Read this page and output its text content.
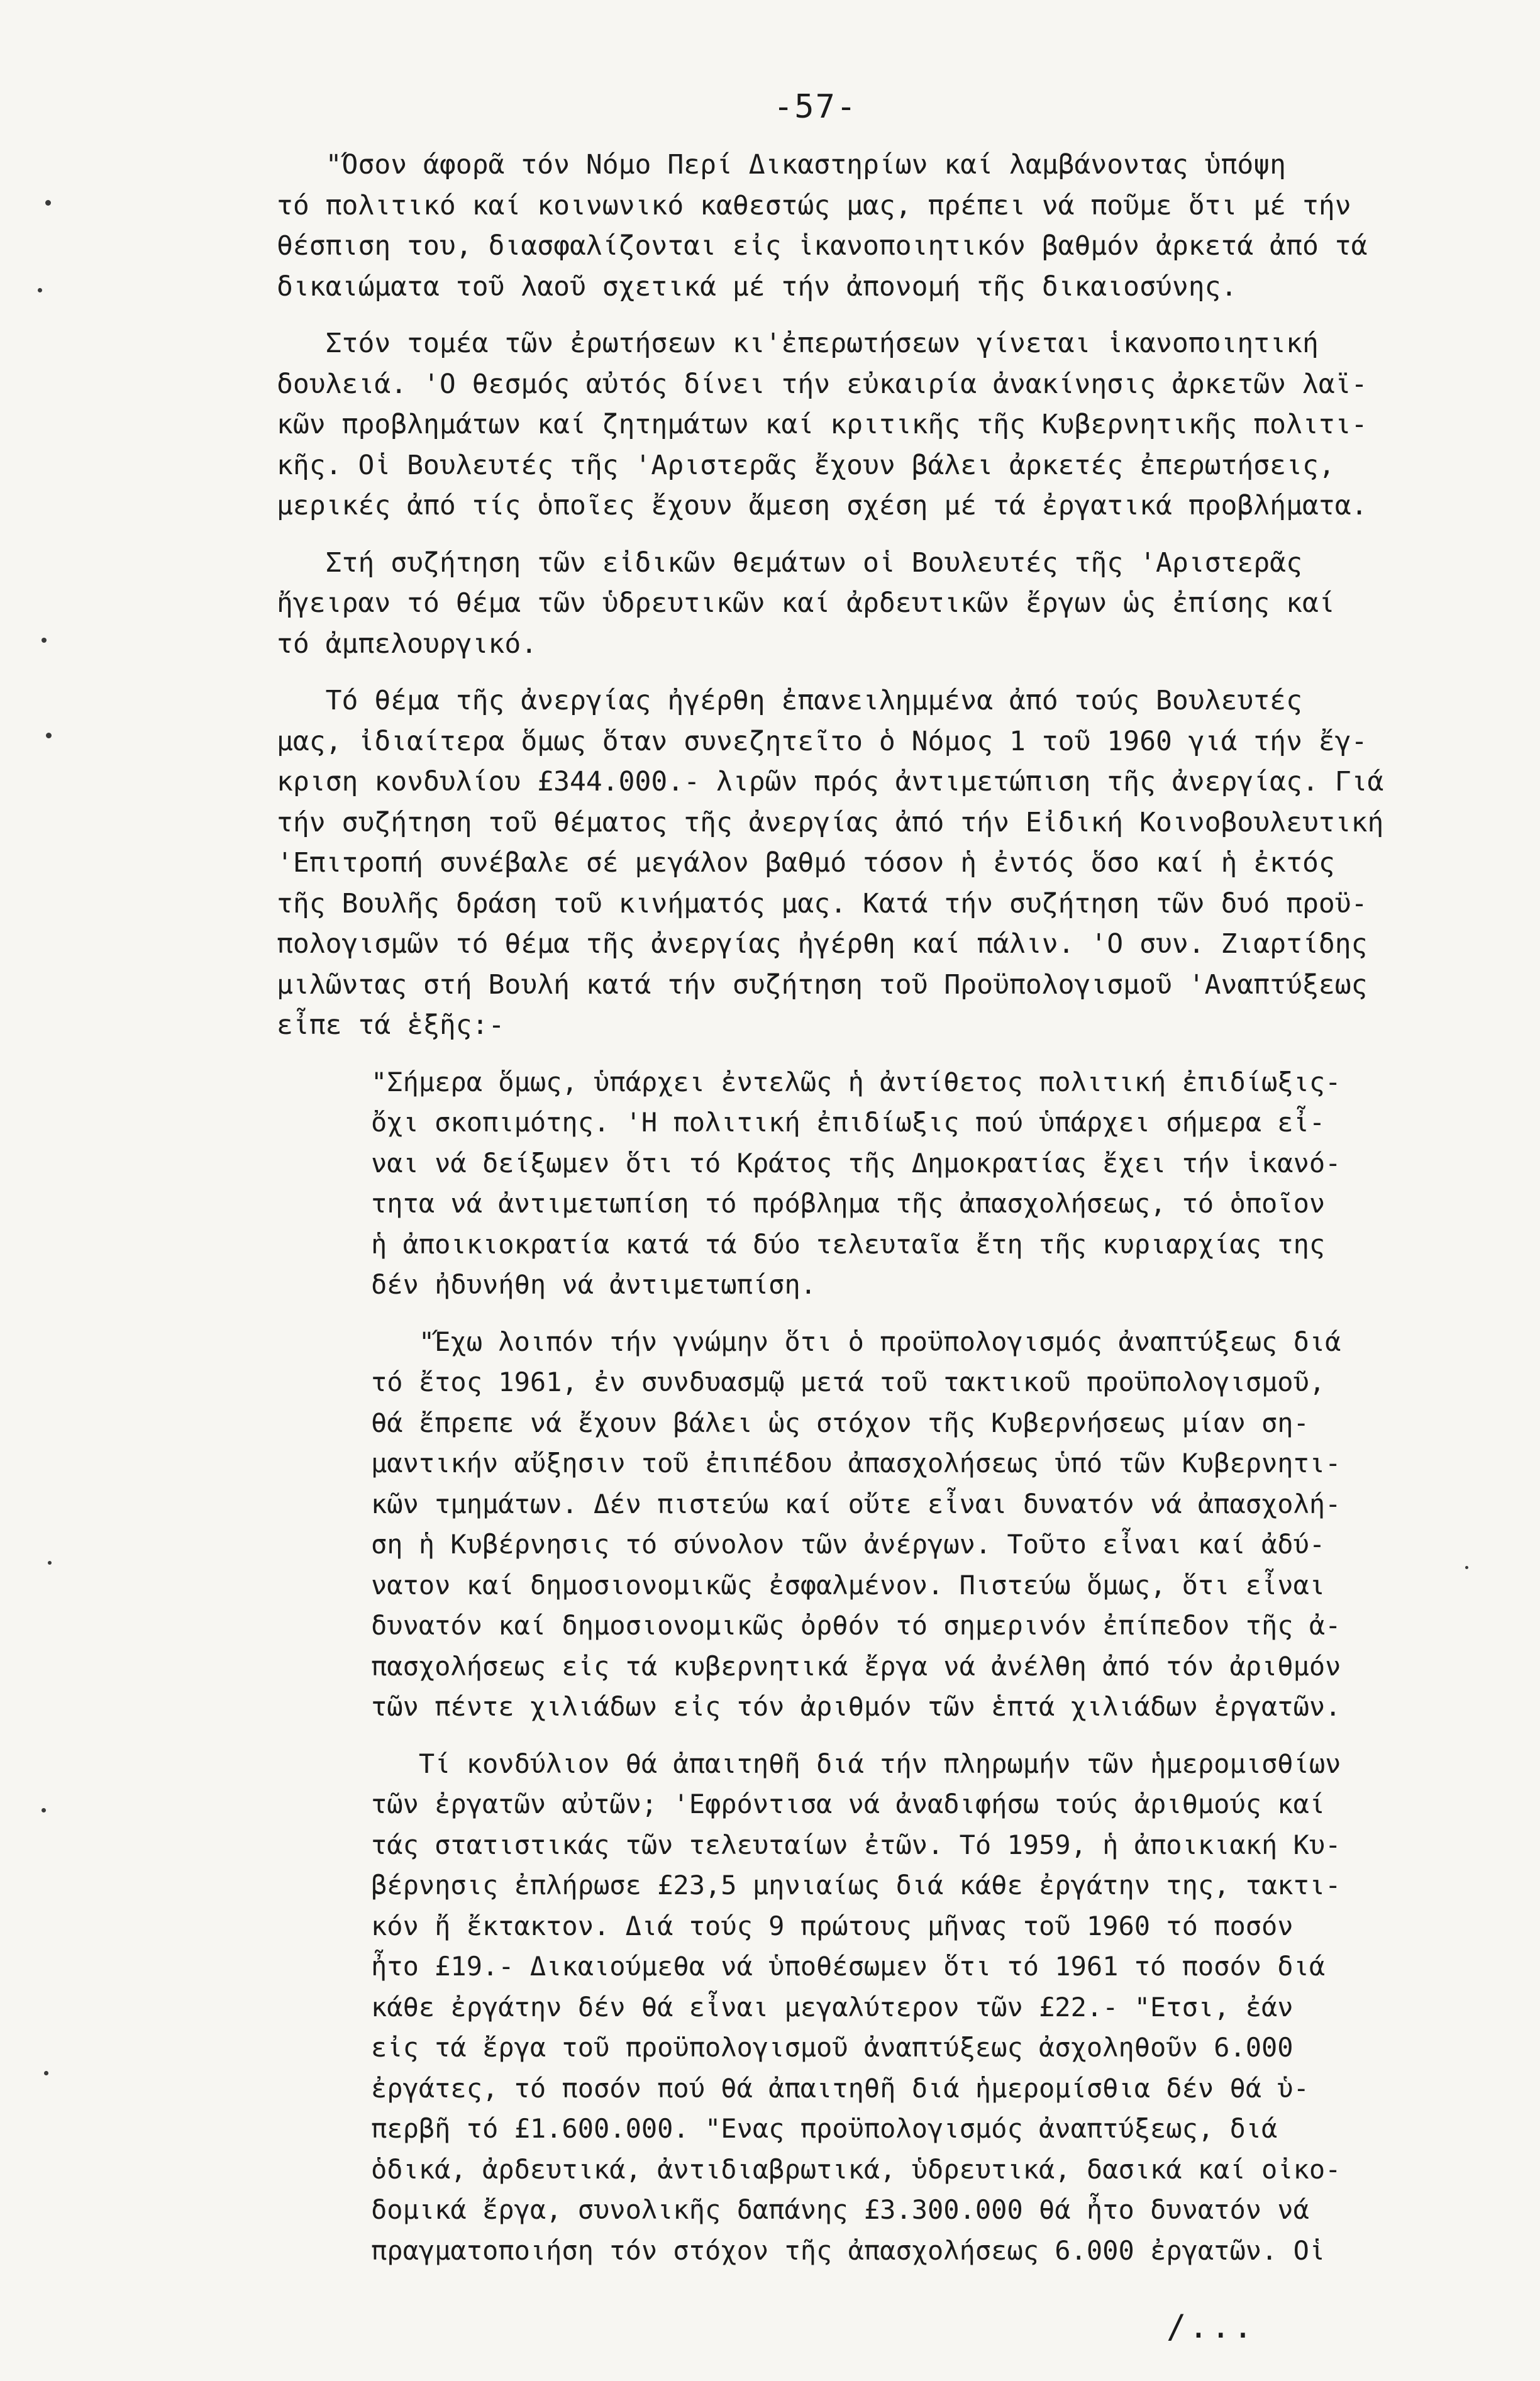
-57-

"Όσον άφορᾶ τόν Νόμο Περί Δικαστηρίων καί λαμβάνοντας ὑπόψη
τό πολιτικό καί κοινωνικό καθεστώς μας, πρέπει νά ποῦμε ὅτι μέ τήν
θέσπιση του, διασφαλίζονται εἰς ἱκανοποιητικόν βαθμόν ἀρκετά ἀπό τά
δικαιώματα τοῦ λαοῦ σχετικά μέ τήν ἀπονομή τῆς δικαιοσύνης.

Στόν τομέα τῶν ἐρωτήσεων κι'ἐπερωτήσεων γίνεται ἱκανοποιητική
δουλειά. 'Ο θεσμός αὐτός δίνει τήν εὐκαιρία ἀνακίνησις ἀρκετῶν λαϊ-
κῶν προβλημάτων καί ζητημάτων καί κριτικῆς τῆς Κυβερνητικῆς πολιτι-
κῆς. Οἱ Βουλευτές τῆς 'Αριστερᾶς ἔχουν βάλει ἀρκετές ἐπερωτήσεις,
μερικές ἀπό τίς ὁποῖες ἔχουν ἄμεση σχέση μέ τά ἐργατικά προβλήματα.

Στή συζήτηση τῶν εἰδικῶν θεμάτων οἱ Βουλευτές τῆς 'Αριστερᾶς
ἤγειραν τό θέμα τῶν ὑδρευτικῶν καί ἀρδευτικῶν ἔργων ὡς ἐπίσης καί
τό ἀμπελουργικό.

Τό θέμα τῆς ἀνεργίας ἠγέρθη ἐπανειλημμένα ἀπό τούς Βουλευτές
μας, ἰδιαίτερα ὅμως ὅταν συνεζητεῖτο ὁ Νόμος 1 τοῦ 1960 γιά τήν ἔγ-
κριση κονδυλίου £344.000.- λιρῶν πρός ἀντιμετώπιση τῆς ἀνεργίας. Γιά
τήν συζήτηση τοῦ θέματος τῆς ἀνεργίας ἀπό τήν Εἰδική Κοινοβουλευτική
'Επιτροπή συνέβαλε σέ μεγάλον βαθμό τόσον ἡ ἐντός ὅσο καί ἡ ἐκτός
τῆς Βουλῆς δράση τοῦ κινήματός μας. Κατά τήν συζήτηση τῶν δυό προϋ-
πολογισμῶν τό θέμα τῆς ἀνεργίας ἠγέρθη καί πάλιν. 'Ο συν. Ζιαρτίδης
μιλῶντας στή Βουλή κατά τήν συζήτηση τοῦ Προϋπολογισμοῦ 'Αναπτύξεως
εἶπε τά ἑξῆς:-

"Σήμερα ὅμως, ὑπάρχει ἐντελῶς ἡ ἀντίθετος πολιτική ἐπιδίωξις-
ὄχι σκοπιμότης. 'Η πολιτική ἐπιδίωξις πού ὑπάρχει σήμερα εἶ-
ναι νά δείξωμεν ὅτι τό Κράτος τῆς Δημοκρατίας ἔχει τήν ἱκανό-
τητα νά ἀντιμετωπίση τό πρόβλημα τῆς ἀπασχολήσεως, τό ὁποῖον
ἡ ἀποικιοκρατία κατά τά δύο τελευταῖα ἔτη τῆς κυριαρχίας της
δέν ἠδυνήθη νά ἀντιμετωπίση.

"Έχω λοιπόν τήν γνώμην ὅτι ὁ προϋπολογισμός ἀναπτύξεως διά
τό ἔτος 1961, ἐν συνδυασμῷ μετά τοῦ τακτικοῦ προϋπολογισμοῦ,
θά ἔπρεπε νά ἔχουν βάλει ὡς στόχον τῆς Κυβερνήσεως μίαν ση-
μαντικήν αὔξησιν τοῦ ἐπιπέδου ἀπασχολήσεως ὑπό τῶν Κυβερνητι-
κῶν τμημάτων. Δέν πιστεύω καί οὔτε εἶναι δυνατόν νά ἀπασχολή-
ση ἡ Κυβέρνησις τό σύνολον τῶν ἀνέργων. Τοῦτο εἶναι καί ἀδύ-
νατον καί δημοσιονομικῶς ἐσφαλμένον. Πιστεύω ὅμως, ὅτι εἶναι
δυνατόν καί δημοσιονομικῶς ὀρθόν τό σημερινόν ἐπίπεδον τῆς ἀ-
πασχολήσεως εἰς τά κυβερνητικά ἔργα νά ἀνέλθη ἀπό τόν ἀριθμόν
τῶν πέντε χιλιάδων εἰς τόν ἀριθμόν τῶν ἑπτά χιλιάδων ἐργατῶν.

Τί κονδύλιον θά ἀπαιτηθῆ διά τήν πληρωμήν τῶν ἡμερομισθίων
τῶν ἐργατῶν αὐτῶν; 'Εφρόντισα νά ἀναδιφήσω τούς ἀριθμούς καί
τάς στατιστικάς τῶν τελευταίων ἐτῶν. Τό 1959, ἡ ἀποικιακή Κυ-
βέρνησις ἐπλήρωσε £23,5 μηνιαίως διά κάθε ἐργάτην της, τακτι-
κόν ἤ ἔκτακτον. Διά τούς 9 πρώτους μῆνας τοῦ 1960 τό ποσόν
ἦτο £19.- Δικαιούμεθα νά ὑποθέσωμεν ὅτι τό 1961 τό ποσόν διά
κάθε ἐργάτην δέν θά εἶναι μεγαλύτερον τῶν £22.- "Ετσι, ἐάν
εἰς τά ἔργα τοῦ προϋπολογισμοῦ ἀναπτύξεως ἀσχοληθοῦν 6.000
ἐργάτες, τό ποσόν πού θά ἀπαιτηθῆ διά ἡμερομίσθια δέν θά ὑ-
περβῆ τό £1.600.000. "Ενας προϋπολογισμός ἀναπτύξεως, διά
ὁδικά, ἀρδευτικά, ἀντιδιαβρωτικά, ὑδρευτικά, δασικά καί οἰκο-
δομικά ἔργα, συνολικῆς δαπάνης £3.300.000 θά ἦτο δυνατόν νά
πραγματοποιήση τόν στόχον τῆς ἀπασχολήσεως 6.000 ἐργατῶν. Οἱ

/...
